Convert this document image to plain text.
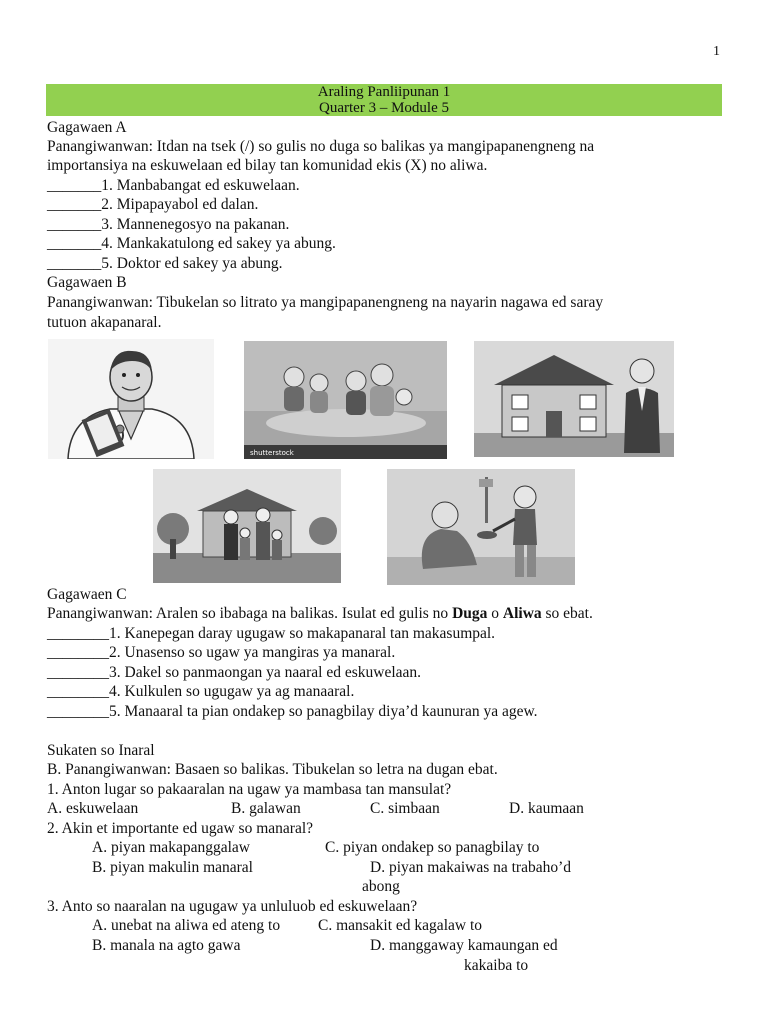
1
Araling Panliipunan 1
Quarter 3 – Module 5
Gagawaen A
Panangiwanwan: Itdan na tsek (/) so gulis no duga so balikas ya mangipapanengneng na
importansiya na eskuwelaan ed bilay tan komunidad ekis (X) no aliwa.
_______1. Manbabangat ed eskuwelaan.
_______2. Mipapayabol ed dalan.
_______3. Mannenegosyo na pakanan.
_______4. Mankakatulong ed sakey ya abung.
_______5. Doktor ed sakey ya abung.
Gagawaen B
Panangiwanwan: Tibukelan so litrato ya mangipapanengneng na nayarin nagawa ed saray
tutuon akapanaral.
shutterstock
Gagawaen C
Panangiwanwan: Aralen so ibabaga na balikas. Isulat ed gulis no Duga o Aliwa so ebat.
________1. Kanepegan daray ugugaw so makapanaral tan makasumpal.
________2. Unasenso so ugaw ya mangiras ya manaral.
________3. Dakel so panmaongan ya naaral ed eskuwelaan.
________4. Kulkulen so ugugaw ya ag manaaral.
________5. Manaaral ta pian ondakep so panagbilay diya’d kaunuran ya agew.
Sukaten so Inaral
B. Panangiwanwan: Basaen so balikas. Tibukelan so letra na dugan ebat.
1. Anton lugar so pakaaralan na ugaw ya mambasa tan mansulat?
A. eskuwelaan	B. galawan	C. simbaan	D. kaumaan
2. Akin et importante ed ugaw so manaral?
A. piyan makapanggalaw	C. piyan ondakep so panagbilay to
B. piyan makulin manaral	D. piyan makaiwas na trabaho’d
abong
3. Anto so naaralan na ugugaw ya unluluob ed eskuwelaan?
A. unebat na aliwa ed ateng to C. mansakit ed kagalaw to
B. manala na agto gawa	D. manggaway kamaungan ed
kakaiba to
